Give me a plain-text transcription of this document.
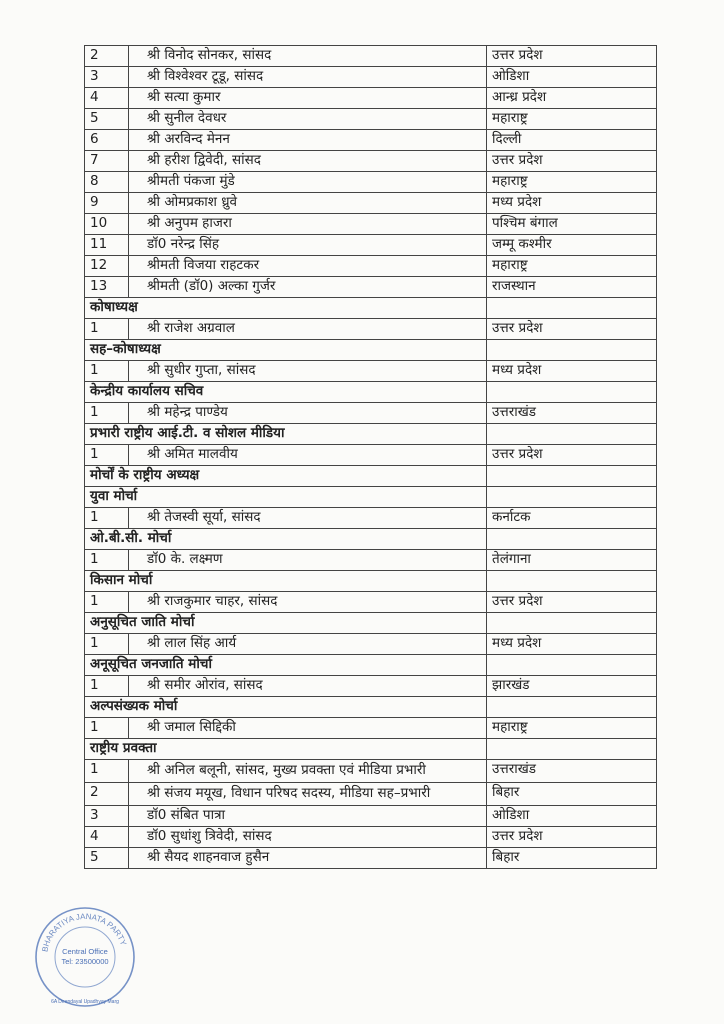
2	श्री विनोद सोनकर, सांसद	उत्तर प्रदेश
3	श्री विश्वेश्वर टूडू, सांसद	ओडिशा
4	श्री सत्या कुमार	आन्ध्र प्रदेश
5	श्री सुनील देवधर	महाराष्ट्र
6	श्री अरविन्द मेनन	दिल्ली
7	श्री हरीश द्विवेदी, सांसद	उत्तर प्रदेश
8	श्रीमती पंकजा मुंडे	महाराष्ट्र
9	श्री ओमप्रकाश ध्रुवे	मध्य प्रदेश
10	श्री अनुपम हाजरा	पश्चिम बंगाल
11	डॉ0 नरेन्द्र सिंह	जम्मू कश्मीर
12	श्रीमती विजया राहटकर	महाराष्ट्र
13	श्रीमती (डॉ0) अल्का गुर्जर	राजस्थान
कोषाध्यक्ष		
1	श्री राजेश अग्रवाल	उत्तर प्रदेश
सह–कोषाध्यक्ष		
1	श्री सुधीर गुप्ता, सांसद	मध्य प्रदेश
केन्द्रीय कार्यालय सचिव		
1	श्री महेन्द्र पाण्डेय	उत्तराखंड
प्रभारी राष्ट्रीय आई.टी. व सोशल मीडिया		
1	श्री अमित मालवीय	उत्तर प्रदेश
मोर्चों के राष्ट्रीय अध्यक्ष		
युवा मोर्चा		
1	श्री तेजस्वी सूर्या, सांसद	कर्नाटक
ओ.बी.सी. मोर्चा		
1	डॉ0 के. लक्ष्मण	तेलंगाना
किसान मोर्चा		
1	श्री राजकुमार चाहर, सांसद	उत्तर प्रदेश
अनुसूचित जाति मोर्चा		
1	श्री लाल सिंह आर्य	मध्य प्रदेश
अनूसूचित जनजाति मोर्चा		
1	श्री समीर ओरांव, सांसद	झारखंड
अल्पसंख्यक मोर्चा		
1	श्री जमाल सिद्दिकी	महाराष्ट्र
राष्ट्रीय प्रवक्ता		
1	श्री अनिल बलूनी, सांसद, मुख्य प्रवक्ता एवं मीडिया प्रभारी	उत्तराखंड
2	श्री संजय मयूख, विधान परिषद सदस्य, मीडिया सह–प्रभारी	बिहार
3	डॉ0 संबित पात्रा	ओडिशा
4	डॉ0 सुधांशु त्रिवेदी, सांसद	उत्तर प्रदेश
5	श्री सैयद शाहनवाज हुसैन	बिहार
BHARATIYA JANATA PARTY
Central Office
Tel: 23500000
6A Deendayal Upadhyay Marg
